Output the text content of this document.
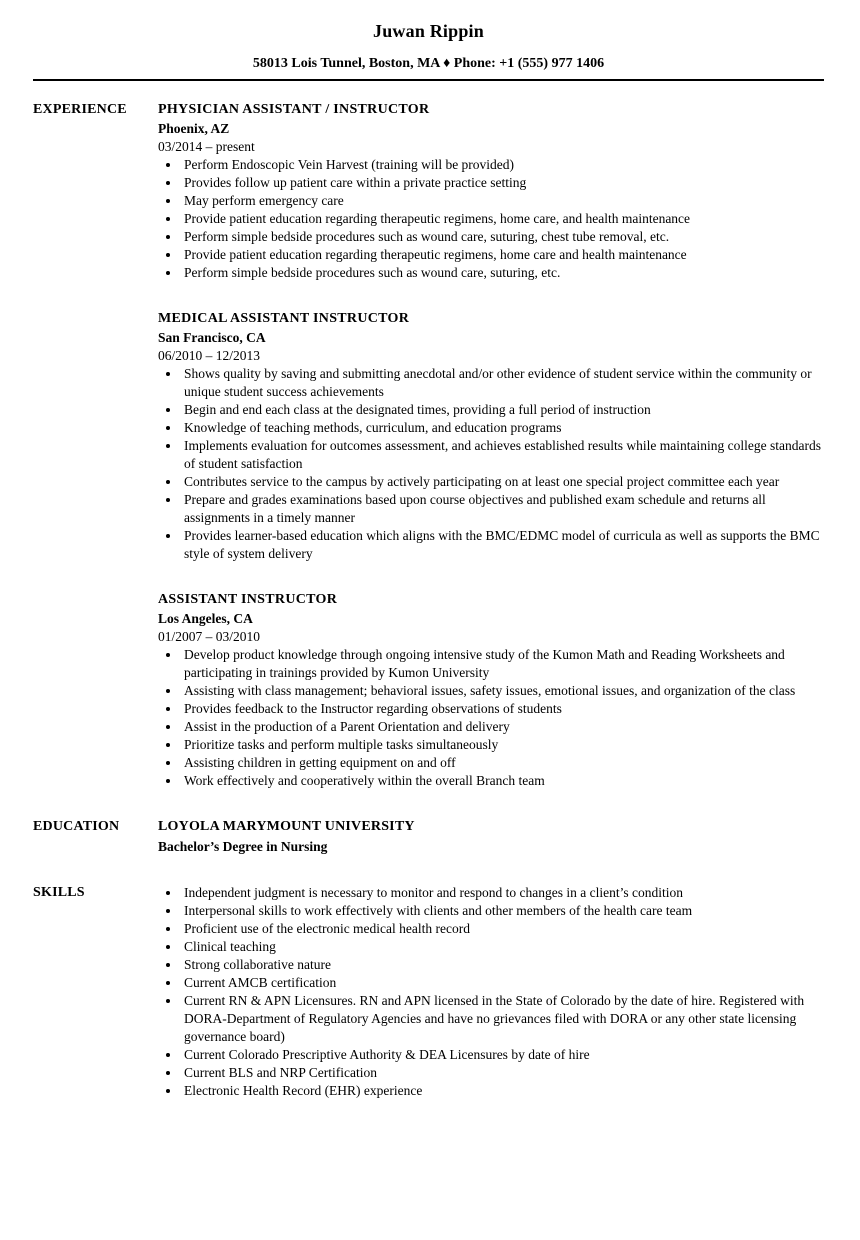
Juwan Rippin
58013 Lois Tunnel, Boston, MA ♦ Phone: +1 (555) 977 1406
EXPERIENCE	PHYSICIAN ASSISTANT / INSTRUCTOR
Phoenix, AZ
03/2014 – present
• Perform Endoscopic Vein Harvest (training will be provided)
• Provides follow up patient care within a private practice setting
• May perform emergency care
• Provide patient education regarding therapeutic regimens, home care, and health maintenance
• Perform simple bedside procedures such as wound care, suturing, chest tube removal, etc.
• Provide patient education regarding therapeutic regimens, home care and health maintenance
• Perform simple bedside procedures such as wound care, suturing, etc.
MEDICAL ASSISTANT INSTRUCTOR
San Francisco, CA
06/2010 – 12/2013
• Shows quality by saving and submitting anecdotal and/or other evidence of student service within the community or unique student success achievements
• Begin and end each class at the designated times, providing a full period of instruction
• Knowledge of teaching methods, curriculum, and education programs
• Implements evaluation for outcomes assessment, and achieves established results while maintaining college standards of student satisfaction
• Contributes service to the campus by actively participating on at least one special project committee each year
• Prepare and grades examinations based upon course objectives and published exam schedule and returns all assignments in a timely manner
• Provides learner-based education which aligns with the BMC/EDMC model of curricula as well as supports the BMC style of system delivery
ASSISTANT INSTRUCTOR
Los Angeles, CA
01/2007 – 03/2010
• Develop product knowledge through ongoing intensive study of the Kumon Math and Reading Worksheets and participating in trainings provided by Kumon University
• Assisting with class management; behavioral issues, safety issues, emotional issues, and organization of the class
• Provides feedback to the Instructor regarding observations of students
• Assist in the production of a Parent Orientation and delivery
• Prioritize tasks and perform multiple tasks simultaneously
• Assisting children in getting equipment on and off
• Work effectively and cooperatively within the overall Branch team
EDUCATION	LOYOLA MARYMOUNT UNIVERSITY
Bachelor’s Degree in Nursing
SKILLS	• Independent judgment is necessary to monitor and respond to changes in a client’s condition
• Interpersonal skills to work effectively with clients and other members of the health care team
• Proficient use of the electronic medical health record
• Clinical teaching
• Strong collaborative nature
• Current AMCB certification
• Current RN & APN Licensures. RN and APN licensed in the State of Colorado by the date of hire. Registered with DORA-Department of Regulatory Agencies and have no grievances filed with DORA or any other state licensing governance board)
• Current Colorado Prescriptive Authority & DEA Licensures by date of hire
• Current BLS and NRP Certification
• Electronic Health Record (EHR) experience
